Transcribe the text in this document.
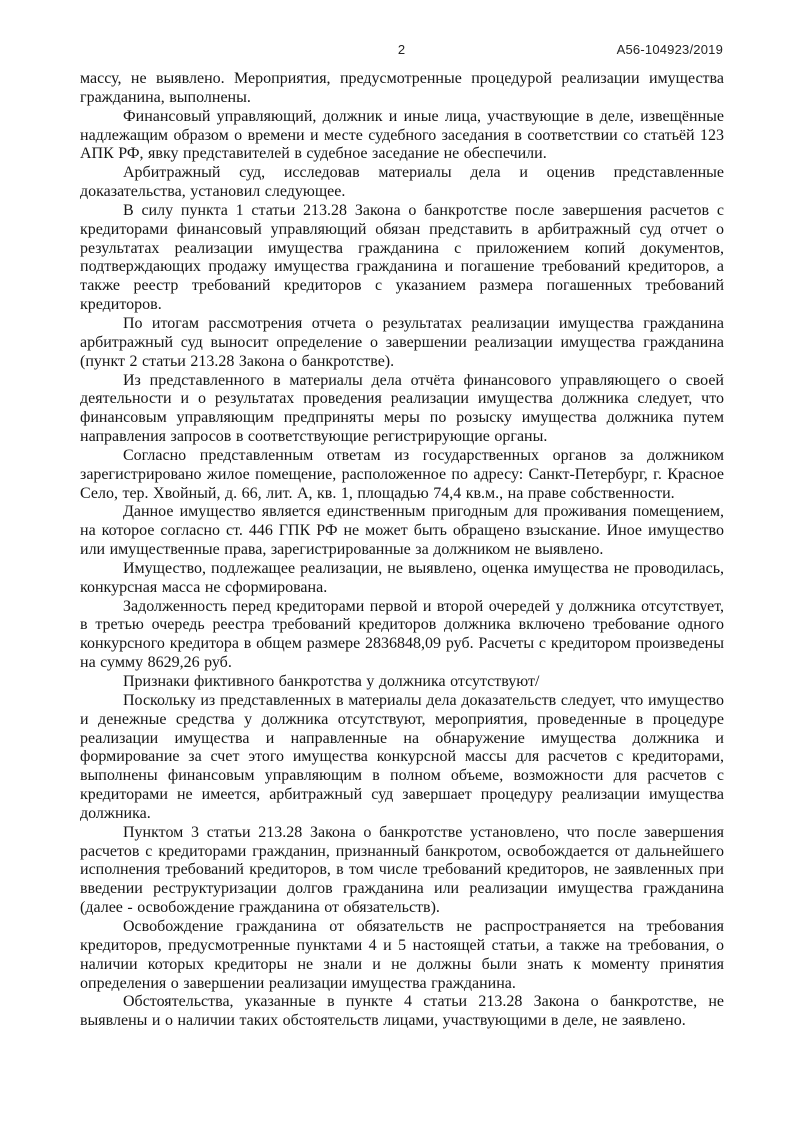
2	А56-104923/2019

массу, не выявлено. Мероприятия, предусмотренные процедурой реализации имущества гражданина, выполнены.

Финансовый управляющий, должник и иные лица, участвующие в деле, извещённые надлежащим образом о времени и месте судебного заседания в соответствии со статьёй 123 АПК РФ, явку представителей в судебное заседание не обеспечили.

Арбитражный суд, исследовав материалы дела и оценив представленные доказательства, установил следующее.

В силу пункта 1 статьи 213.28 Закона о банкротстве после завершения расчетов с кредиторами финансовый управляющий обязан представить в арбитражный суд отчет о результатах реализации имущества гражданина с приложением копий документов, подтверждающих продажу имущества гражданина и погашение требований кредиторов, а также реестр требований кредиторов с указанием размера погашенных требований кредиторов.

По итогам рассмотрения отчета о результатах реализации имущества гражданина арбитражный суд выносит определение о завершении реализации имущества гражданина (пункт 2 статьи 213.28 Закона о банкротстве).

Из представленного в материалы дела отчёта финансового управляющего о своей деятельности и о результатах проведения реализации имущества должника следует, что финансовым управляющим предприняты меры по розыску имущества должника путем направления запросов в соответствующие регистрирующие органы.

Согласно представленным ответам из государственных органов за должником зарегистрировано жилое помещение, расположенное по адресу: Санкт-Петербург, г. Красное Село, тер. Хвойный, д. 66, лит. А, кв. 1, площадью 74,4 кв.м., на праве собственности.

Данное имущество является единственным пригодным для проживания помещением, на которое согласно ст. 446 ГПК РФ не может быть обращено взыскание. Иное имущество или имущественные права, зарегистрированные за должником не выявлено.

Имущество, подлежащее реализации, не выявлено, оценка имущества не проводилась, конкурсная масса не сформирована.

Задолженность перед кредиторами первой и второй очередей у должника отсутствует, в третью очередь реестра требований кредиторов должника включено требование одного конкурсного кредитора в общем размере 2836848,09 руб. Расчеты с кредитором произведены на сумму 8629,26 руб.

Признаки фиктивного банкротства у должника отсутствуют/

Поскольку из представленных в материалы дела доказательств следует, что имущество и денежные средства у должника отсутствуют, мероприятия, проведенные в процедуре реализации имущества и направленные на обнаружение имущества должника и формирование за счет этого имущества конкурсной массы для расчетов с кредиторами, выполнены финансовым управляющим в полном объеме, возможности для расчетов с кредиторами не имеется, арбитражный суд завершает процедуру реализации имущества должника.

Пунктом 3 статьи 213.28 Закона о банкротстве установлено, что после завершения расчетов с кредиторами гражданин, признанный банкротом, освобождается от дальнейшего исполнения требований кредиторов, в том числе требований кредиторов, не заявленных при введении реструктуризации долгов гражданина или реализации имущества гражданина (далее - освобождение гражданина от обязательств).

Освобождение гражданина от обязательств не распространяется на требования кредиторов, предусмотренные пунктами 4 и 5 настоящей статьи, а также на требования, о наличии которых кредиторы не знали и не должны были знать к моменту принятия определения о завершении реализации имущества гражданина.

Обстоятельства, указанные в пункте 4 статьи 213.28 Закона о банкротстве, не выявлены и о наличии таких обстоятельств лицами, участвующими в деле, не заявлено.
